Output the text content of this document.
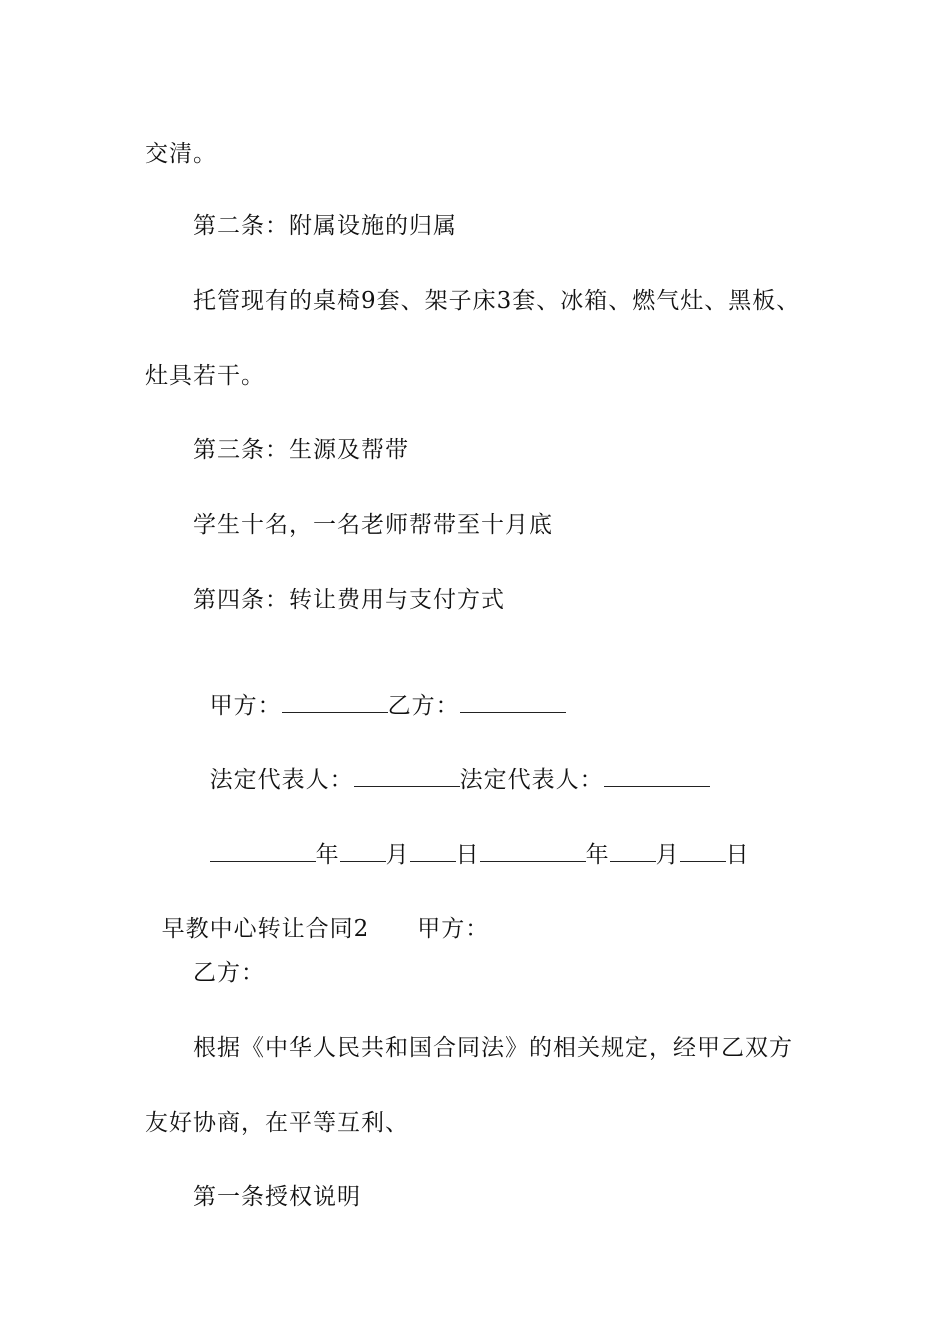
交清。
第二条：附属设施的归属
托管现有的桌椅9套、架子床3套、冰箱、燃气灶、黑板、
灶具若干。
第三条：生源及帮带
学生十名，一名老师帮带至十月底
第四条：转让费用与支付方式

甲方：	乙方：

法定代表人：	法定代表人：

年 月 日	年 月 日

早教中心转让合同2 甲方：

乙方：
根据《中华人民共和国合同法》的相关规定，经甲乙双方
友好协商，在平等互利、
第一条授权说明
